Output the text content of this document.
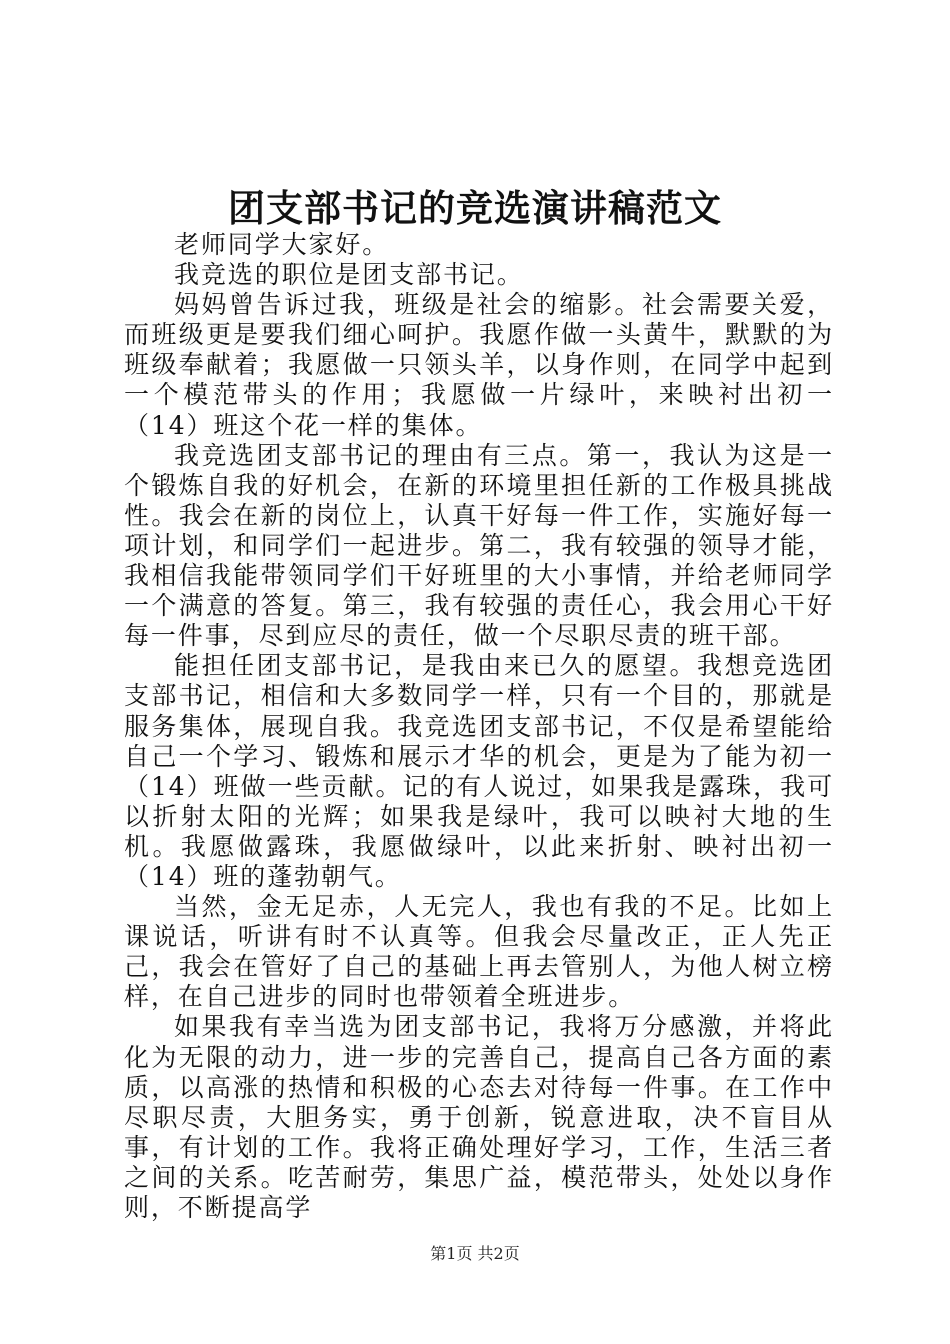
团支部书记的竞选演讲稿范文

老师同学大家好。

我竞选的职位是团支部书记。

妈妈曾告诉过我，班级是社会的缩影。社会需要关爱，而班级更是要我们细心呵护。我愿作做一头黄牛，默默的为班级奉献着；我愿做一只领头羊，以身作则，在同学中起到一个模范带头的作用；我愿做一片绿叶，来映衬出初一（14）班这个花一样的集体。

我竞选团支部书记的理由有三点。第一，我认为这是一个锻炼自我的好机会，在新的环境里担任新的工作极具挑战性。我会在新的岗位上，认真干好每一件工作，实施好每一项计划，和同学们一起进步。第二，我有较强的领导才能，我相信我能带领同学们干好班里的大小事情，并给老师同学一个满意的答复。第三，我有较强的责任心，我会用心干好每一件事，尽到应尽的责任，做一个尽职尽责的班干部。

能担任团支部书记，是我由来已久的愿望。我想竞选团支部书记，相信和大多数同学一样，只有一个目的，那就是服务集体，展现自我。我竞选团支部书记，不仅是希望能给自己一个学习、锻炼和展示才华的机会，更是为了能为初一（14）班做一些贡献。记的有人说过，如果我是露珠，我可以折射太阳的光辉；如果我是绿叶，我可以映衬大地的生机。我愿做露珠，我愿做绿叶，以此来折射、映衬出初一（14）班的蓬勃朝气。

当然，金无足赤，人无完人，我也有我的不足。比如上课说话，听讲有时不认真等。但我会尽量改正，正人先正己，我会在管好了自己的基础上再去管别人，为他人树立榜样，在自己进步的同时也带领着全班进步。

如果我有幸当选为团支部书记，我将万分感激，并将此化为无限的动力，进一步的完善自己，提高自己各方面的素质，以高涨的热情和积极的心态去对待每一件事。在工作中尽职尽责，大胆务实，勇于创新，锐意进取，决不盲目从事，有计划的工作。我将正确处理好学习，工作，生活三者之间的关系。吃苦耐劳，集思广益，模范带头，处处以身作则，不断提高学

第1页 共2页
